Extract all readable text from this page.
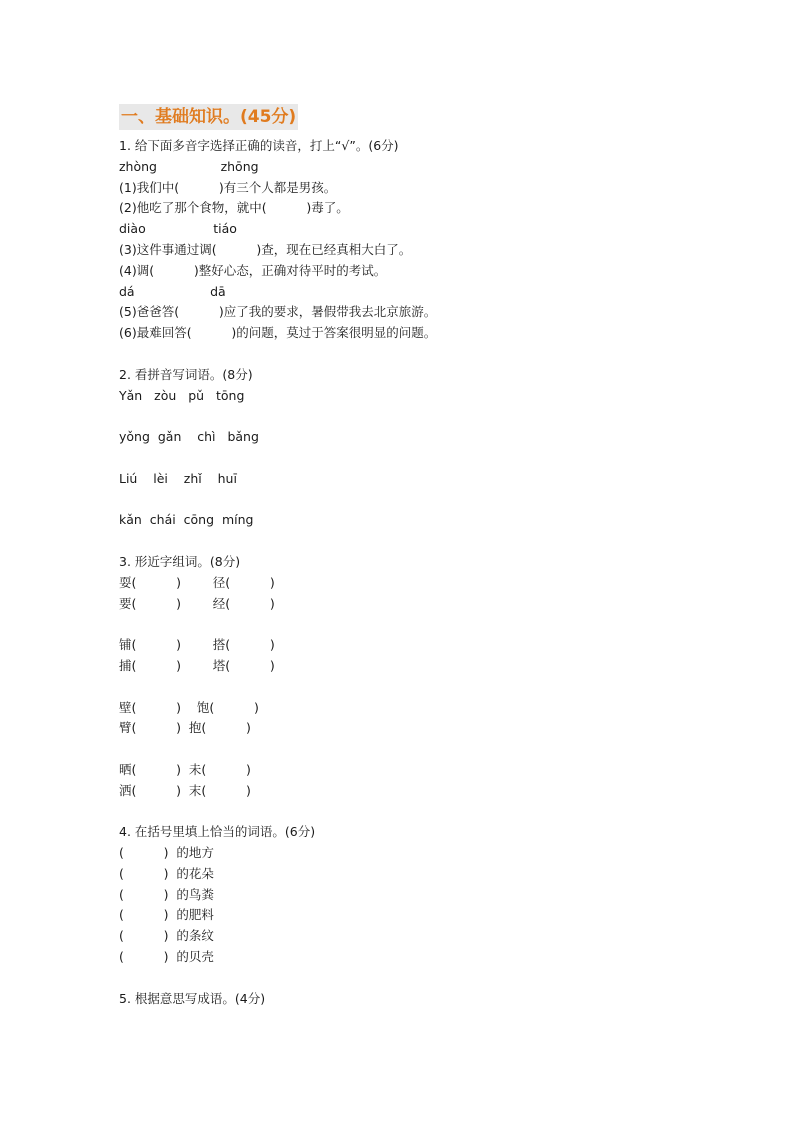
一、基础知识。(45分)
1. 给下面多音字选择正确的读音，打上“√”。(6分)
zhòng                zhōng
(1)我们中(          )有三个人都是男孩。
(2)他吃了那个食物，就中(          )毒了。
diào                 tiáo
(3)这件事通过调(          )查，现在已经真相大白了。
(4)调(          )整好心态，正确对待平时的考试。
dá                   dā
(5)爸爸答(          )应了我的要求，暑假带我去北京旅游。
(6)最难回答(          )的问题，莫过于答案很明显的问题。
2. 看拼音写词语。(8分)
Yǎn   zòu   pǔ   tōng
yǒng  gǎn    chì   bǎng
Liú    lèi    zhǐ    huī
kǎn  chái  cōng  míng
3. 形近字组词。(8分)
耍(          )        径(          )
要(          )        经(          )
铺(          )        搭(          )
捕(          )        塔(          )
壁(          )    饱(          )
臂(          )  抱(          )
晒(          )  未(          )
洒(          )  末(          )
4. 在括号里填上恰当的词语。(6分)
(          )  的地方
(          )  的花朵
(          )  的鸟粪
(          )  的肥料
(          )  的条纹
(          )  的贝壳
5. 根据意思写成语。(4分)
